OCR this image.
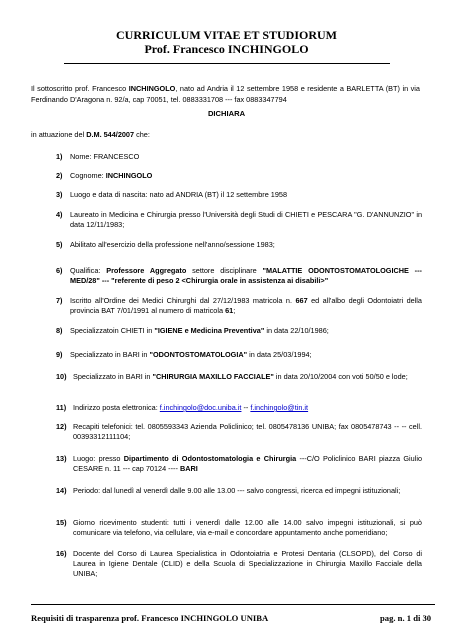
CURRICULUM VITAE ET STUDIORUM
Prof. Francesco INCHINGOLO
Il sottoscritto prof. Francesco INCHINGOLO, nato ad Andria il 12 settembre 1958 e residente a BARLETTA (BT) in via Ferdinando D'Aragona n. 92/a, cap 70051, tel. 0883331708 --- fax 0883347794
DICHIARA
in attuazione del D.M. 544/2007 che:
1)	Nome: FRANCESCO
2)	Cognome: INCHINGOLO
3)	Luogo e data di nascita: nato ad ANDRIA (BT) il 12 settembre 1958
4)	Laureato in Medicina e Chirurgia presso l'Università degli Studi di CHIETI e PESCARA "G. D'ANNUNZIO" in data 12/11/1983;
5)	Abilitato all'esercizio della professione nell'anno/sessione 1983;
6)	Qualifica: Professore Aggregato settore disciplinare "MALATTIE ODONTOSTOMATOLOGICHE --- MED/28" --- "referente di peso 2 <Chirurgia orale in assistenza ai disabili>"
7)	Iscritto all'Ordine dei Medici Chirurghi dal 27/12/1983 matricola n. 667 ed all'albo degli Odontoiatri della provincia BAT 7/01/1991 al numero di matricola 61;
8)	Specializzatoin CHIETI in "IGIENE e Medicina Preventiva" in data 22/10/1986;
9)	Specializzato in BARI in "ODONTOSTOMATOLOGIA" in data 25/03/1994;
10) Specializzato in BARI in "CHIRURGIA MAXILLO FACCIALE" in data 20/10/2004 con voti 50/50 e lode;
11) Indirizzo posta elettronica: f.inchingolo@doc.uniba.it -- f.inchingolo@tin.it
12) Recapiti telefonici: tel. 0805593343 Azienda Policlinico; tel. 0805478136 UNIBA; fax 0805478743 -- -- cell. 00393312111104;
13) Luogo: presso Dipartimento di Odontostomatologia e Chirurgia ---C/O Policlinico BARI piazza Giulio CESARE n. 11 --- cap 70124 ---- BARI
14) Periodo: dal lunedì al venerdì dalle 9.00 alle 13.00 --- salvo congressi, ricerca ed impegni istituzionali;
15) Giorno ricevimento studenti: tutti i venerdì dalle 12.00 alle 14.00 salvo impegni istituzionali, si può comunicare via telefono, via cellulare, via e-mail e concordare appuntamento anche pomeridiano;
16) Docente del Corso di Laurea Specialistica in Odontoiatria e Protesi Dentaria (CLSOPD), del Corso di Laurea in Igiene Dentale (CLID) e della Scuola di Specializzazione in Chirurgia Maxillo Facciale della UNIBA;
Requisiti di trasparenza prof. Francesco INCHINGOLO UNIBA	pag. n. 1 di 30
